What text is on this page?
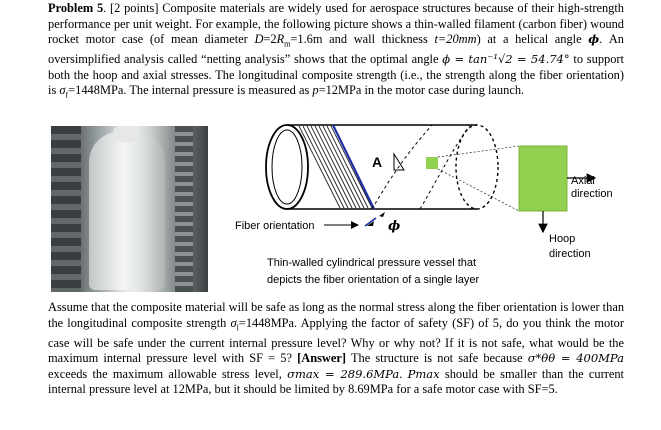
Problem 5. [2 points] Composite materials are widely used for aerospace structures because of their high-strength performance per unit weight. For example, the following picture shows a thin-walled filament (carbon fiber) wound rocket motor case (of mean diameter $D=2R_m=1.6m$ and wall thickness t=20mm) at a helical angle ϕ. An oversimplified analysis called “netting analysis” shows that the optimal angle ϕ = tan⁻¹√2 = 54.74° to support both the hoop and axial stresses. The longitudinal composite strength (i.e., the strength along the fiber orientation) is $\sigma_f=1448MPa$. The internal pressure is measured as p=12MPa in the motor case during launch.
A
Axial
direction
Hoop
direction
Fiber orientation	ϕ
Thin-walled cylindrical pressure vessel that
depicts the fiber orientation of a single layer
Assume that the composite material will be safe as long as the normal stress along the fiber orientation is lower than the longitudinal composite strength $\sigma_l=1448MPa$. Applying the factor of safety (SF) of 5, do you think the motor case will be safe under the current internal pressure level? Why or why not? If it is not safe, what would be the maximum internal pressure level with SF = 5? [Answer] The structure is not safe because σ*θθ = 400MPa exceeds the maximum allowable stress level, σmax = 289.6MPa. Pmax should be smaller than the current internal pressure level at 12MPa, but it should be limited by 8.69MPa for a safe motor case with SF=5.
